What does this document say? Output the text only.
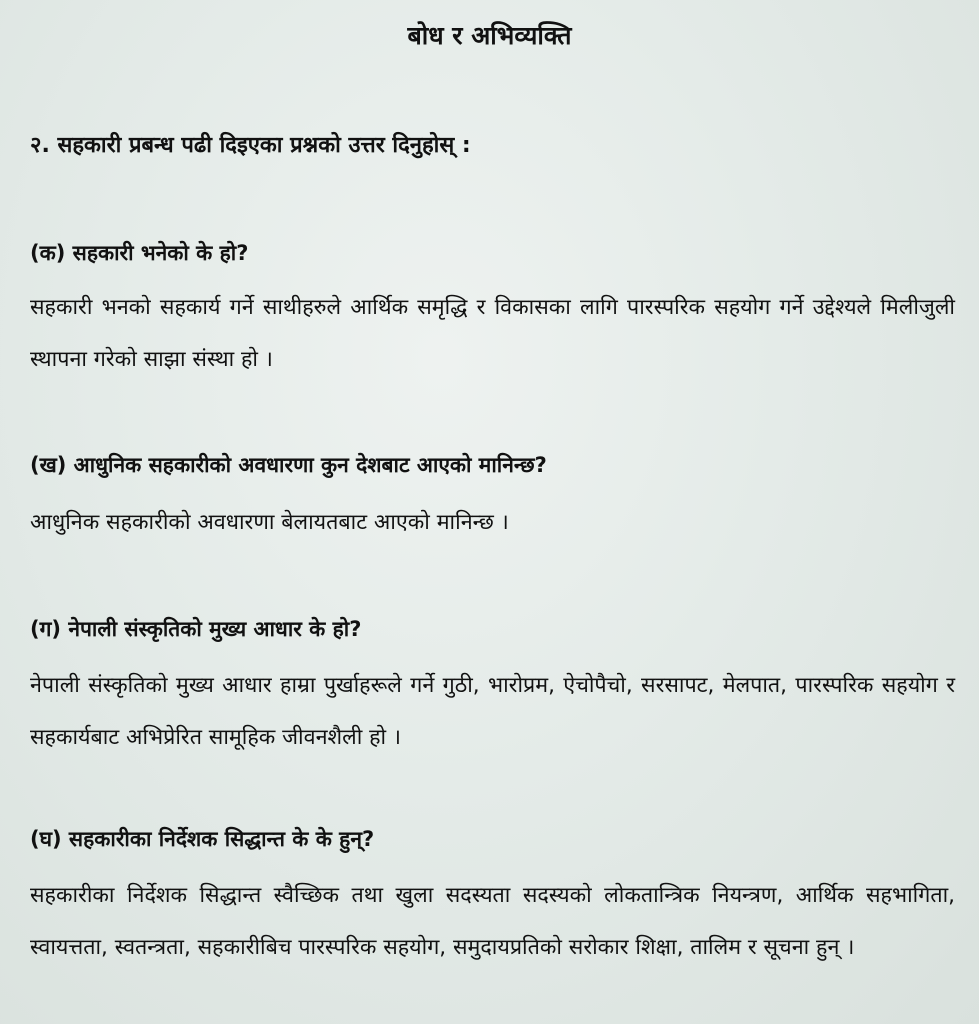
बोध र अभिव्यक्ति
२. सहकारी प्रबन्ध पढी दिइएका प्रश्नको उत्तर दिनुहोस् :
(क) सहकारी भनेको के हो?
सहकारी भनको सहकार्य गर्ने साथीहरुले आर्थिक समृद्धि र विकासका लागि पारस्परिक सहयोग गर्ने उद्देश्यले मिलीजुली स्थापना गरेको साझा संस्था हो ।
(ख) आधुनिक सहकारीको अवधारणा कुन देशबाट आएको मानिन्छ?
आधुनिक सहकारीको अवधारणा बेलायतबाट आएको मानिन्छ ।
(ग) नेपाली संस्कृतिको मुख्य आधार के हो?
नेपाली संस्कृतिको मुख्य आधार हाम्रा पुर्खाहरूले गर्ने गुठी, भारोप्रम, ऐचोपैचो, सरसापट, मेलपात, पारस्परिक सहयोग र सहकार्यबाट अभिप्रेरित सामूहिक जीवनशैली हो ।
(घ) सहकारीका निर्देशक सिद्धान्त के के हुन्?
सहकारीका निर्देशक सिद्धान्त स्वैच्छिक तथा खुला सदस्यता सदस्यको लोकतान्त्रिक नियन्त्रण, आर्थिक सहभागिता, स्वायत्तता, स्वतन्त्रता, सहकारीबिच पारस्परिक सहयोग, समुदायप्रतिको सरोकार शिक्षा, तालिम र सूचना हुन् ।
